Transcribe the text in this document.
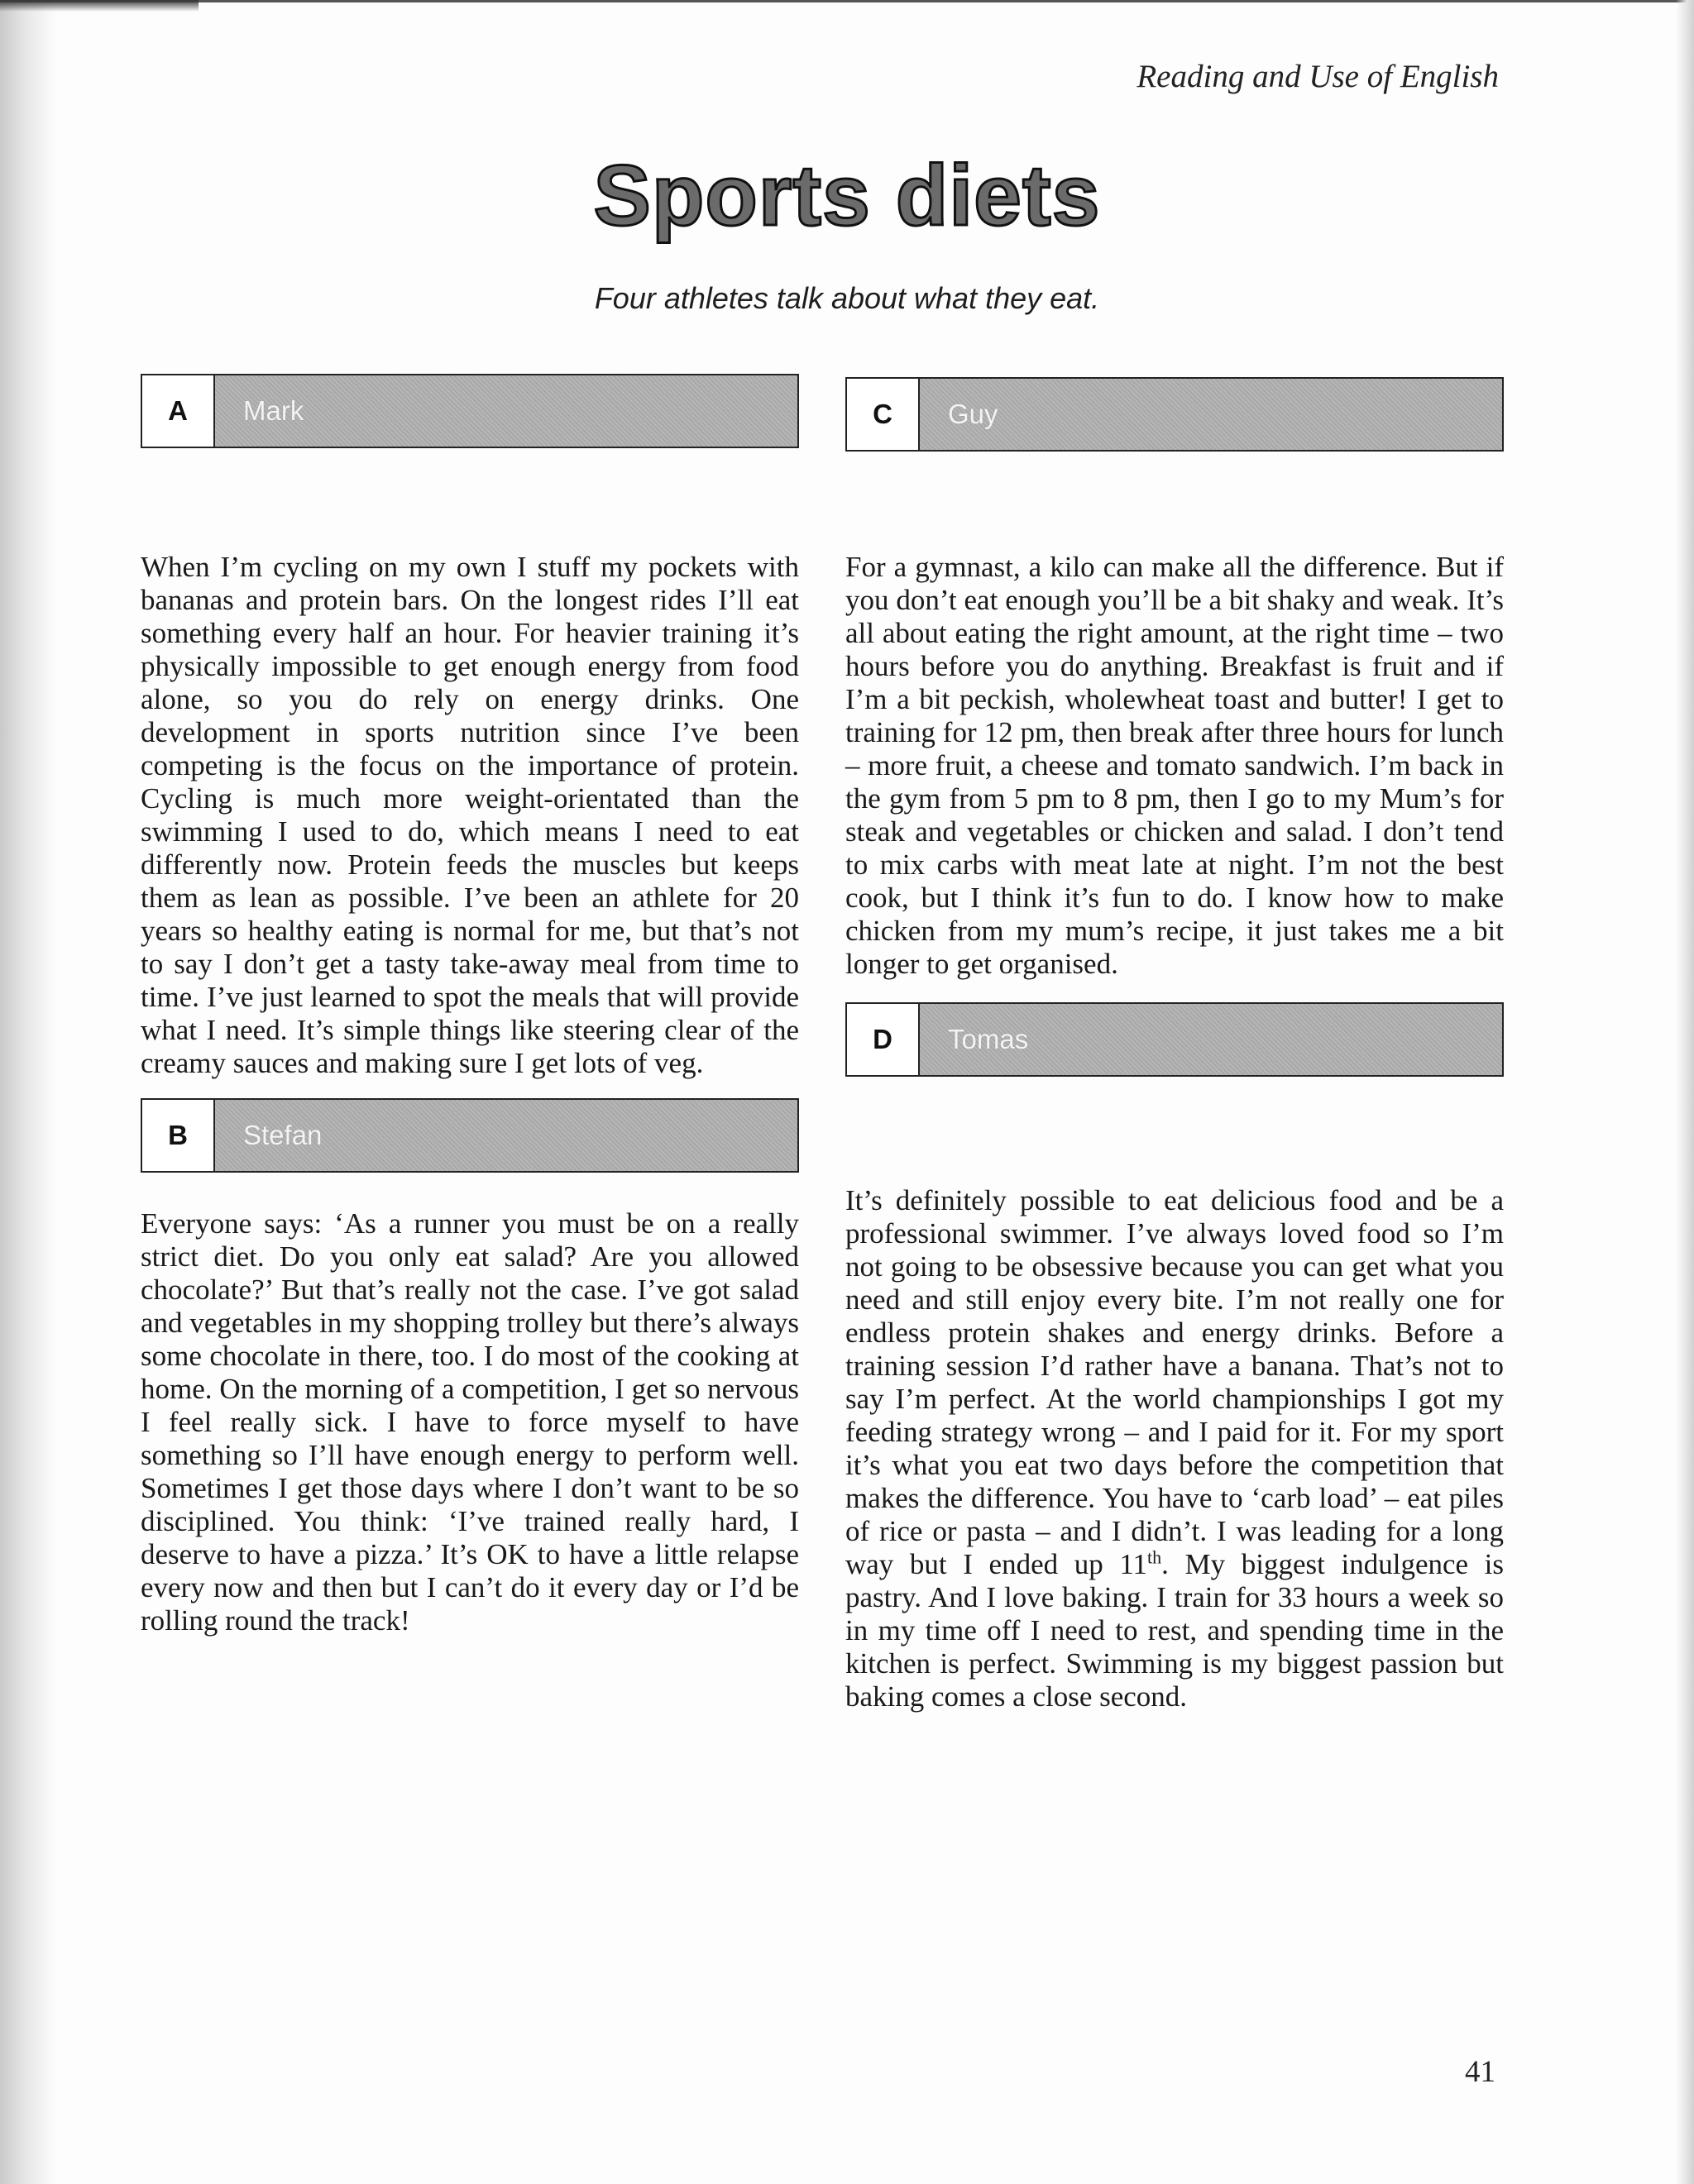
Reading and Use of English

Sports diets

Four athletes talk about what they eat.

A	Mark

When I’m cycling on my own I stuff my pockets with bananas and protein bars. On the longest rides I’ll eat something every half an hour. For heavier training it’s physically impossible to get enough energy from food alone, so you do rely on energy drinks. One development in sports nutrition since I’ve been competing is the focus on the importance of protein. Cycling is much more weight-orientated than the swimming I used to do, which means I need to eat differently now. Protein feeds the muscles but keeps them as lean as possible. I’ve been an athlete for 20 years so healthy eating is normal for me, but that’s not to say I don’t get a tasty take-away meal from time to time. I’ve just learned to spot the meals that will provide what I need. It’s simple things like steering clear of the creamy sauces and making sure I get lots of veg.

B	Stefan

Everyone says: ‘As a runner you must be on a really strict diet. Do you only eat salad? Are you allowed chocolate?’ But that’s really not the case. I’ve got salad and vegetables in my shopping trolley but there’s always some chocolate in there, too. I do most of the cooking at home. On the morning of a competition, I get so nervous I feel really sick. I have to force myself to have something so I’ll have enough energy to perform well. Sometimes I get those days where I don’t want to be so disciplined. You think: ‘I’ve trained really hard, I deserve to have a pizza.’ It’s OK to have a little relapse every now and then but I can’t do it every day or I’d be rolling round the track!

C	Guy

For a gymnast, a kilo can make all the difference. But if you don’t eat enough you’ll be a bit shaky and weak. It’s all about eating the right amount, at the right time – two hours before you do anything. Breakfast is fruit and if I’m a bit peckish, wholewheat toast and butter! I get to training for 12 pm, then break after three hours for lunch – more fruit, a cheese and tomato sandwich. I’m back in the gym from 5 pm to 8 pm, then I go to my Mum’s for steak and vegetables or chicken and salad. I don’t tend to mix carbs with meat late at night. I’m not the best cook, but I think it’s fun to do. I know how to make chicken from my mum’s recipe, it just takes me a bit longer to get organised.

D	Tomas

It’s definitely possible to eat delicious food and be a professional swimmer. I’ve always loved food so I’m not going to be obsessive because you can get what you need and still enjoy every bite. I’m not really one for endless protein shakes and energy drinks. Before a training session I’d rather have a banana. That’s not to say I’m perfect. At the world championships I got my feeding strategy wrong – and I paid for it. For my sport it’s what you eat two days before the competition that makes the difference. You have to ‘carb load’ – eat piles of rice or pasta – and I didn’t. I was leading for a long way but I ended up 11th. My biggest indulgence is pastry. And I love baking. I train for 33 hours a week so in my time off I need to rest, and spending time in the kitchen is perfect. Swimming is my biggest passion but baking comes a close second.

41
